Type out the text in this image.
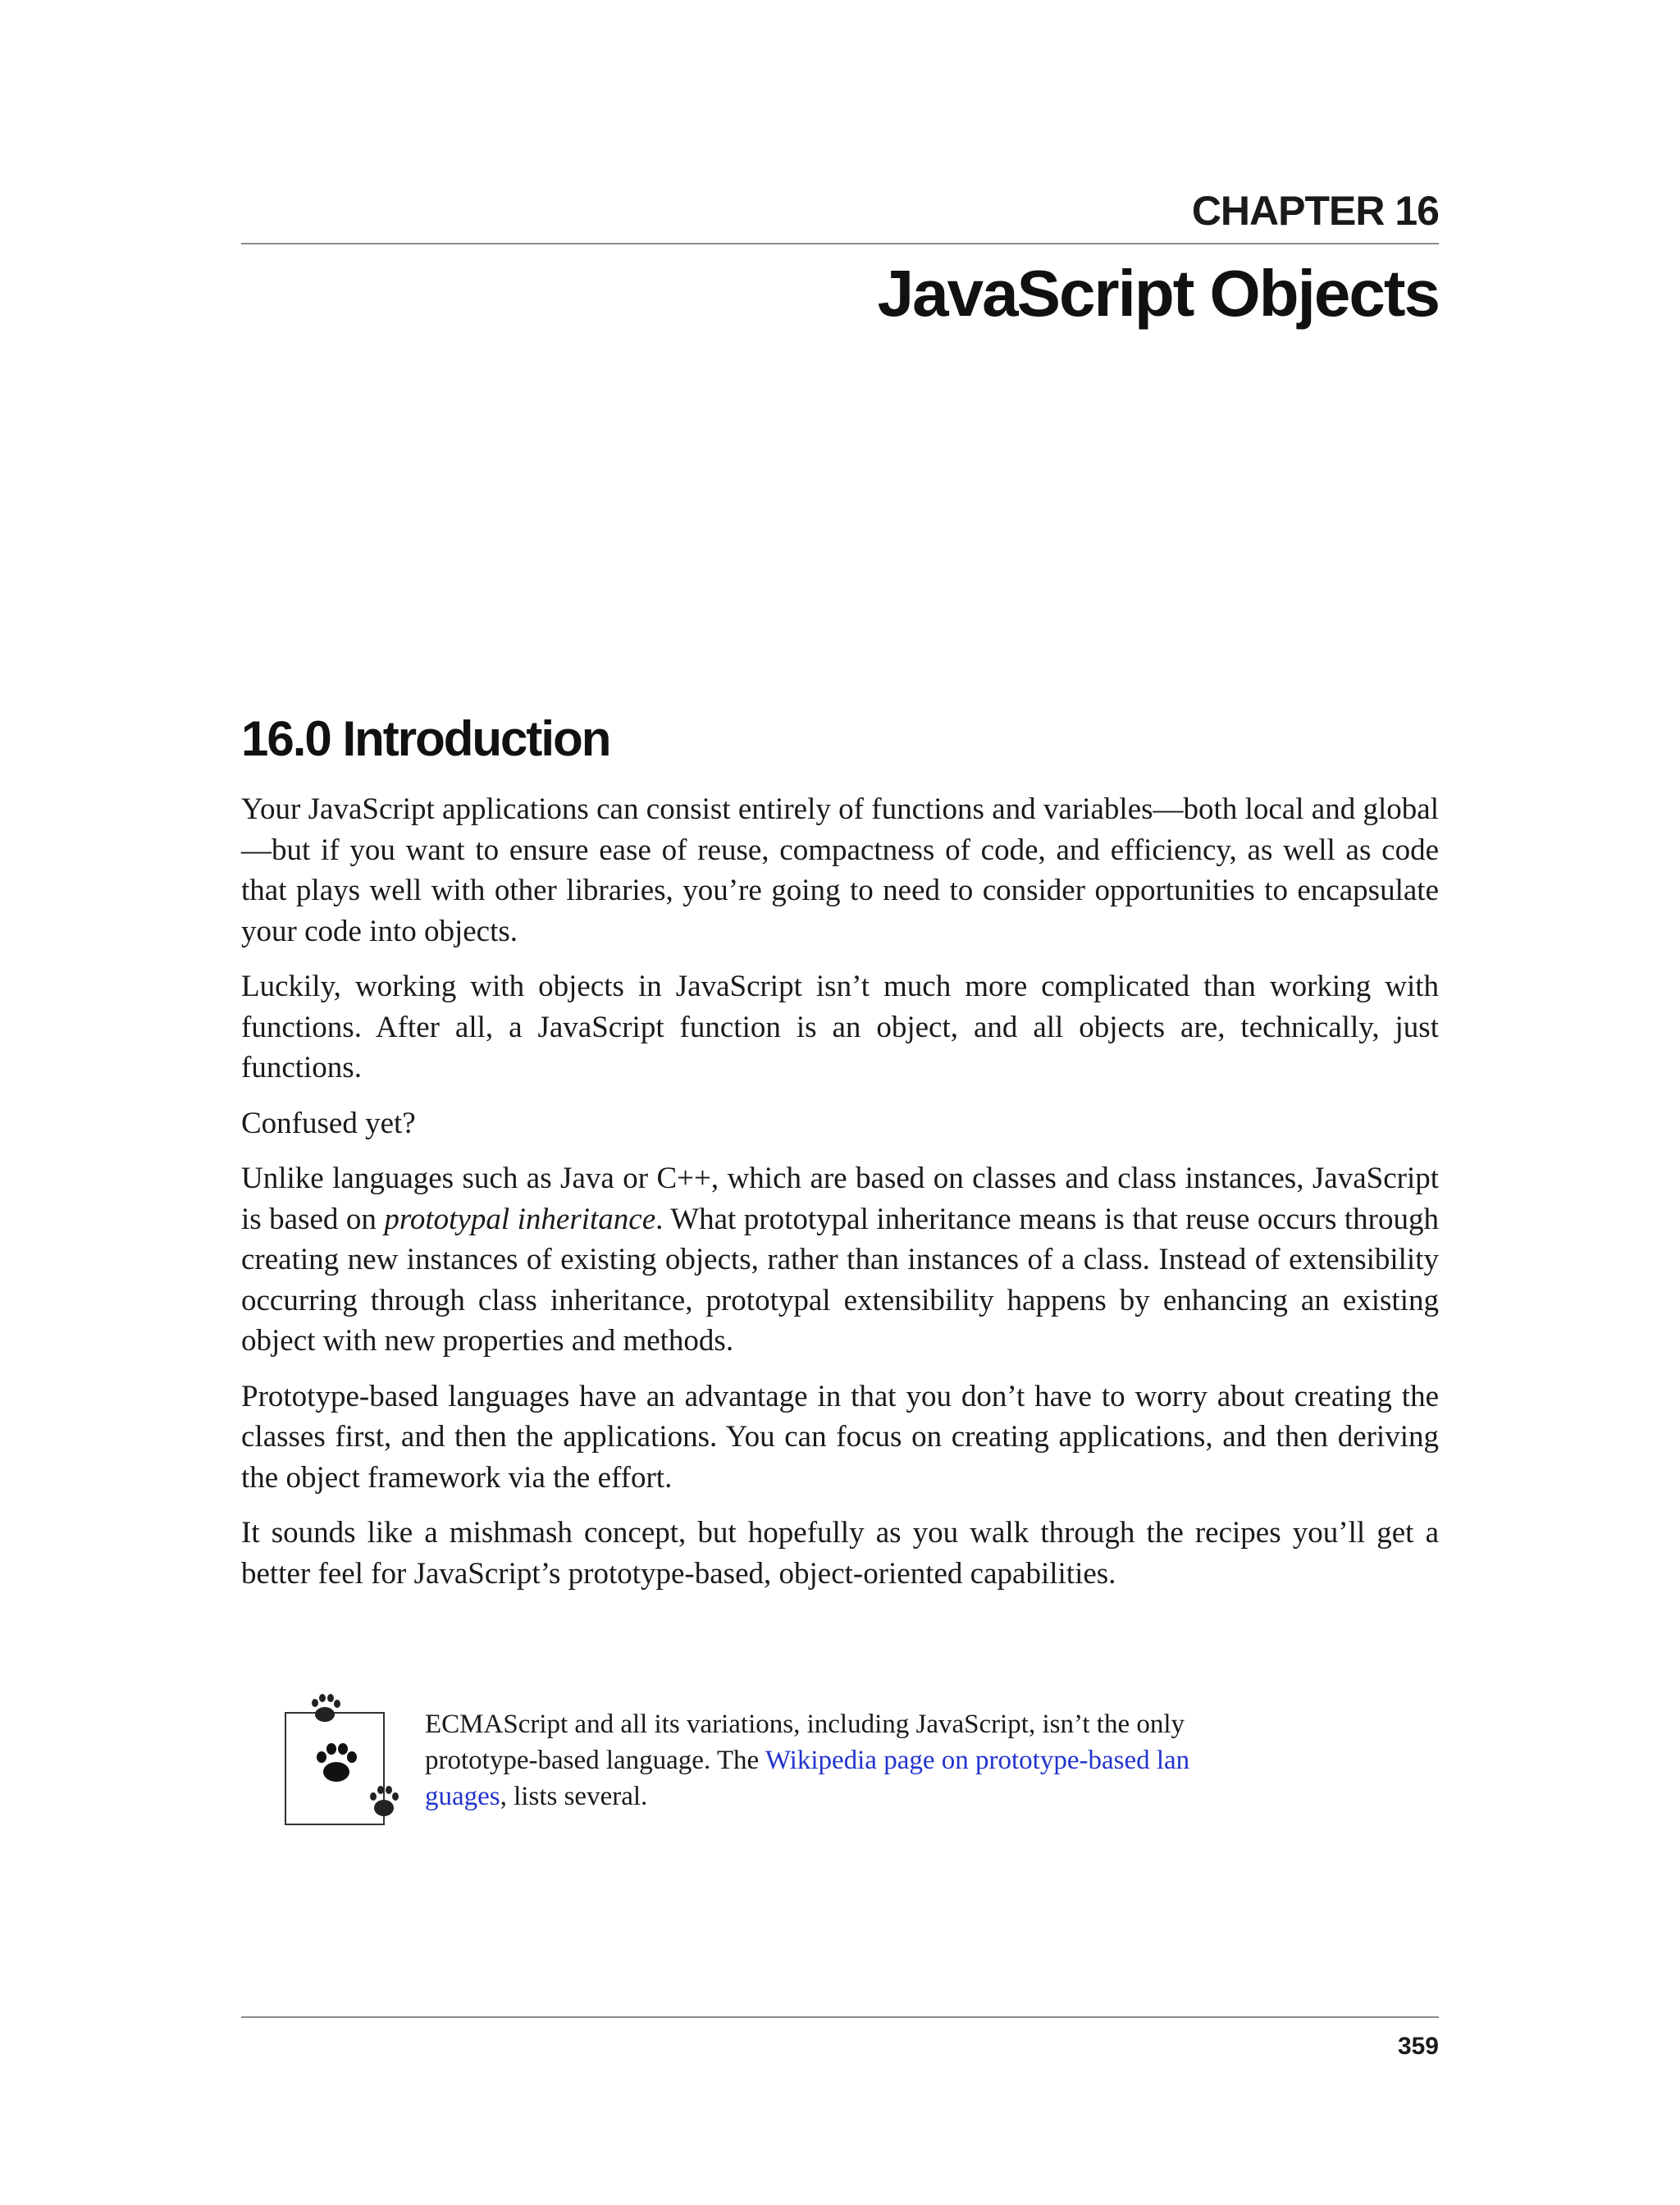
CHAPTER 16
JavaScript Objects
16.0 Introduction

Your JavaScript applications can consist entirely of functions and variables—both local and global—but if you want to ensure ease of reuse, compactness of code, and efficiency, as well as code that plays well with other libraries, you’re going to need to consider opportunities to encapsulate your code into objects.

Luckily, working with objects in JavaScript isn’t much more complicated than working with functions. After all, a JavaScript function is an object, and all objects are, technically, just functions.

Confused yet?

Unlike languages such as Java or C++, which are based on classes and class instances, JavaScript is based on prototypal inheritance. What prototypal inheritance means is that reuse occurs through creating new instances of existing objects, rather than instances of a class. Instead of extensibility occurring through class inheritance, prototypal extensibility happens by enhancing an existing object with new properties and methods.

Prototype-based languages have an advantage in that you don’t have to worry about creating the classes first, and then the applications. You can focus on creating applications, and then deriving the object framework via the effort.

It sounds like a mishmash concept, but hopefully as you walk through the recipes you’ll get a better feel for JavaScript’s prototype-based, object-oriented capabilities.

ECMAScript and all its variations, including JavaScript, isn’t the only prototype-based language. The Wikipedia page on prototype-based lan guages, lists several.
359
